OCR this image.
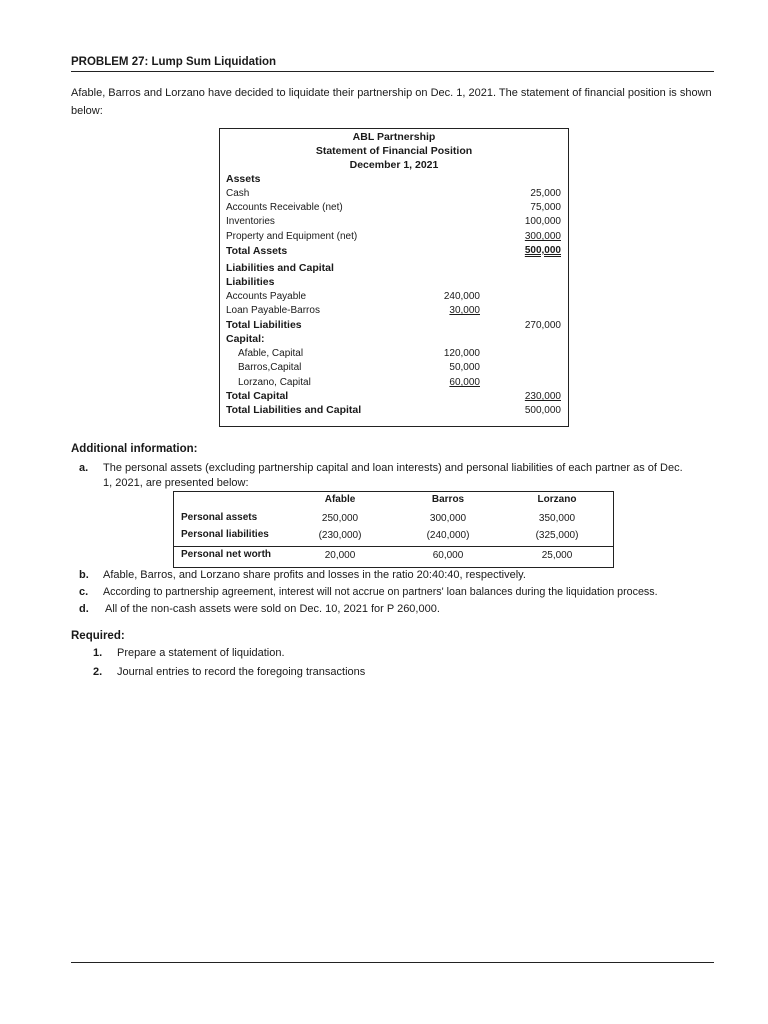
PROBLEM 27: Lump Sum Liquidation
Afable, Barros and Lorzano have decided to liquidate their partnership on Dec. 1, 2021. The statement of financial position is shown below:
ABL Partnership
Statement of Financial Position
December 1, 2021
Assets
Cash	25,000
Accounts Receivable (net)	75,000
Inventories	100,000
Property and Equipment (net)	300,000
Total Assets	500,000
Liabilities and Capital
Liabilities
Accounts Payable	240,000
Loan Payable-Barros	30,000
Total Liabilities	270,000
Capital:
Afable, Capital	120,000
Barros,Capital	50,000
Lorzano, Capital	60,000
Total Capital	230,000
Total Liabilities and Capital	500,000
Additional information:
a. The personal assets (excluding partnership capital and loan interests) and personal liabilities of each partner as of Dec.
1, 2021, are presented below:
Afable	Barros	Lorzano
Personal assets	250,000	300,000	350,000
Personal liabilities	(230,000)	(240,000)	(325,000)
Personal net worth	20,000	60,000	25,000
b. Afable, Barros, and Lorzano share profits and losses in the ratio 20:40:40, respectively.
c. According to partnership agreement, interest will not accrue on partners' loan balances during the liquidation process.
d. All of the non-cash assets were sold on Dec. 10, 2021 for P 260,000.
Required:
1. Prepare a statement of liquidation.
2. Journal entries to record the foregoing transactions
